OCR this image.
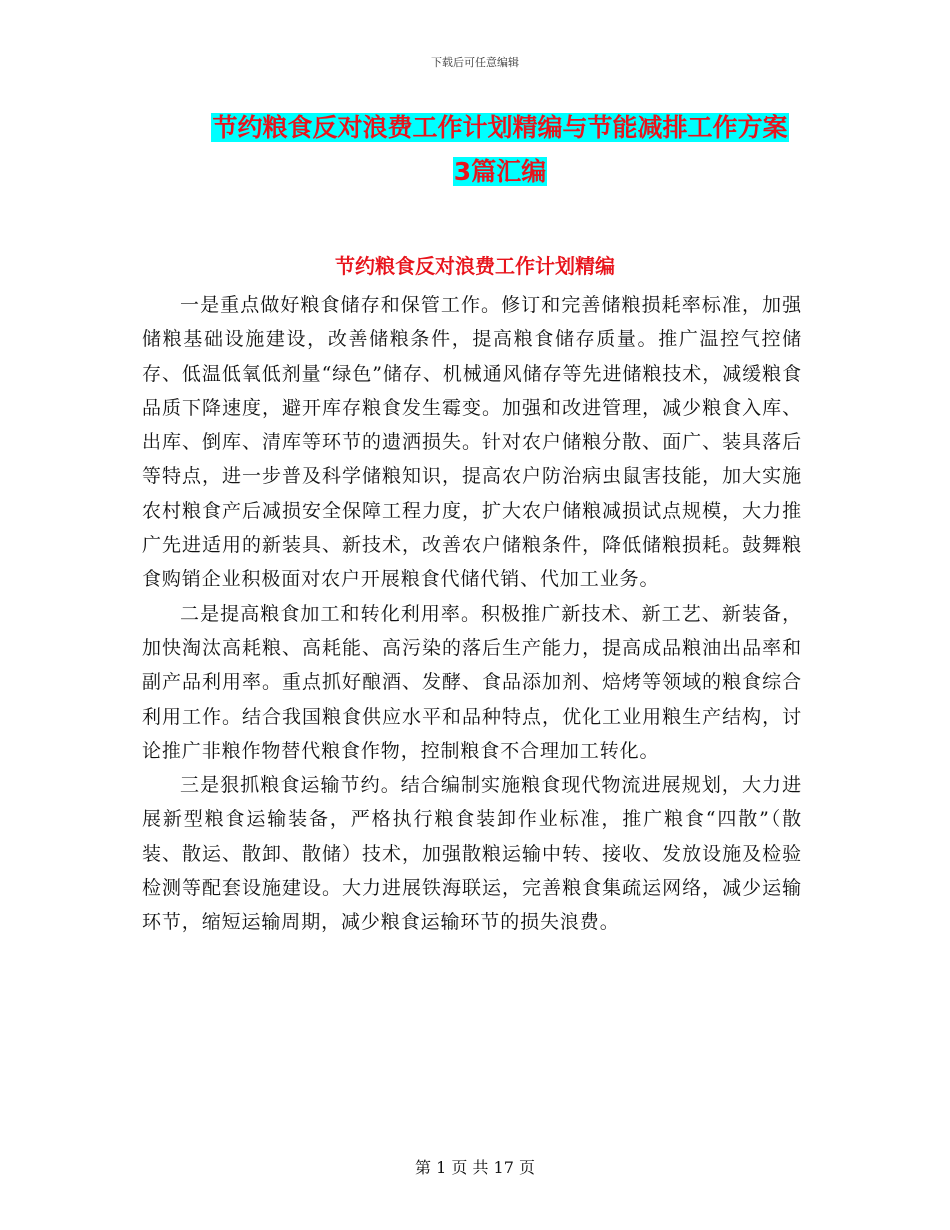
下载后可任意编辑
节约粮食反对浪费工作计划精编与节能减排工作方案
3篇汇编
节约粮食反对浪费工作计划精编

一是重点做好粮食储存和保管工作。修订和完善储粮损耗率标准，加强储粮基础设施建设，改善储粮条件，提高粮食储存质量。推广温控气控储存、低温低氧低剂量“绿色”储存、机械通风储存等先进储粮技术，减缓粮食品质下降速度，避开库存粮食发生霉变。加强和改进管理，减少粮食入库、出库、倒库、清库等环节的遗洒损失。针对农户储粮分散、面广、装具落后等特点，进一步普及科学储粮知识，提高农户防治病虫鼠害技能，加大实施农村粮食产后减损安全保障工程力度，扩大农户储粮减损试点规模，大力推广先进适用的新装具、新技术，改善农户储粮条件，降低储粮损耗。鼓舞粮食购销企业积极面对农户开展粮食代储代销、代加工业务。

二是提高粮食加工和转化利用率。积极推广新技术、新工艺、新装备，加快淘汰高耗粮、高耗能、高污染的落后生产能力，提高成品粮油出品率和副产品利用率。重点抓好酿酒、发酵、食品添加剂、焙烤等领域的粮食综合利用工作。结合我国粮食供应水平和品种特点，优化工业用粮生产结构，讨论推广非粮作物替代粮食作物，控制粮食不合理加工转化。

三是狠抓粮食运输节约。结合编制实施粮食现代物流进展规划，大力进展新型粮食运输装备，严格执行粮食装卸作业标准，推广粮食“四散”（散装、散运、散卸、散储）技术，加强散粮运输中转、接收、发放设施及检验检测等配套设施建设。大力进展铁海联运，完善粮食集疏运网络，减少运输环节，缩短运输周期，减少粮食运输环节的损失浪费。

第 1 页 共 17 页
